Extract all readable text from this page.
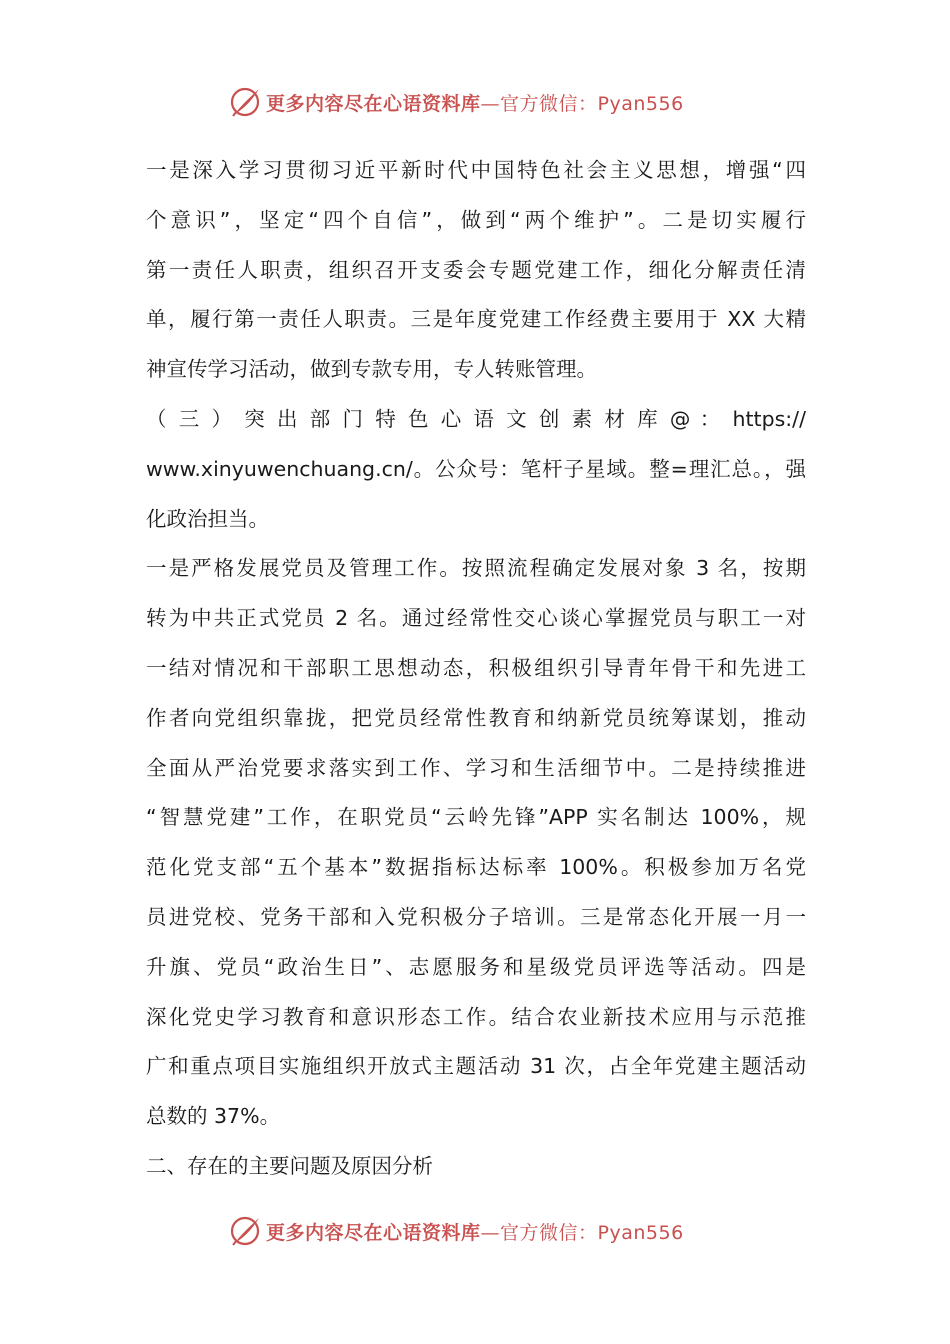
更多内容尽在心语资料库—官方微信：Pyan556
一是深入学习贯彻习近平新时代中国特色社会主义思想，增强“四
个意识”，坚定“四个自信”，做到“两个维护”。二是切实履行
第一责任人职责，组织召开支委会专题党建工作，细化分解责任清
单，履行第一责任人职责。三是年度党建工作经费主要用于 XX 大精
神宣传学习活动，做到专款专用，专人转账管理。
（ 三 ） 突 出 部 门 特 色 心 语 文 创 素 材 库 @ ： https://
www.xinyuwenchuang.cn/。公众号：笔杆子星域。整=理汇总。，强
化政治担当。
一是严格发展党员及管理工作。按照流程确定发展对象 3 名，按期
转为中共正式党员 2 名。通过经常性交心谈心掌握党员与职工一对
一结对情况和干部职工思想动态，积极组织引导青年骨干和先进工
作者向党组织靠拢，把党员经常性教育和纳新党员统筹谋划，推动
全面从严治党要求落实到工作、学习和生活细节中。二是持续推进
“智慧党建”工作，在职党员“云岭先锋”APP 实名制达 100%，规
范化党支部“五个基本”数据指标达标率 100%。积极参加万名党
员进党校、党务干部和入党积极分子培训。三是常态化开展一月一
升旗、党员“政治生日”、志愿服务和星级党员评选等活动。四是
深化党史学习教育和意识形态工作。结合农业新技术应用与示范推
广和重点项目实施组织开放式主题活动 31 次，占全年党建主题活动
总数的 37%。
二、存在的主要问题及原因分析
更多内容尽在心语资料库—官方微信：Pyan556
